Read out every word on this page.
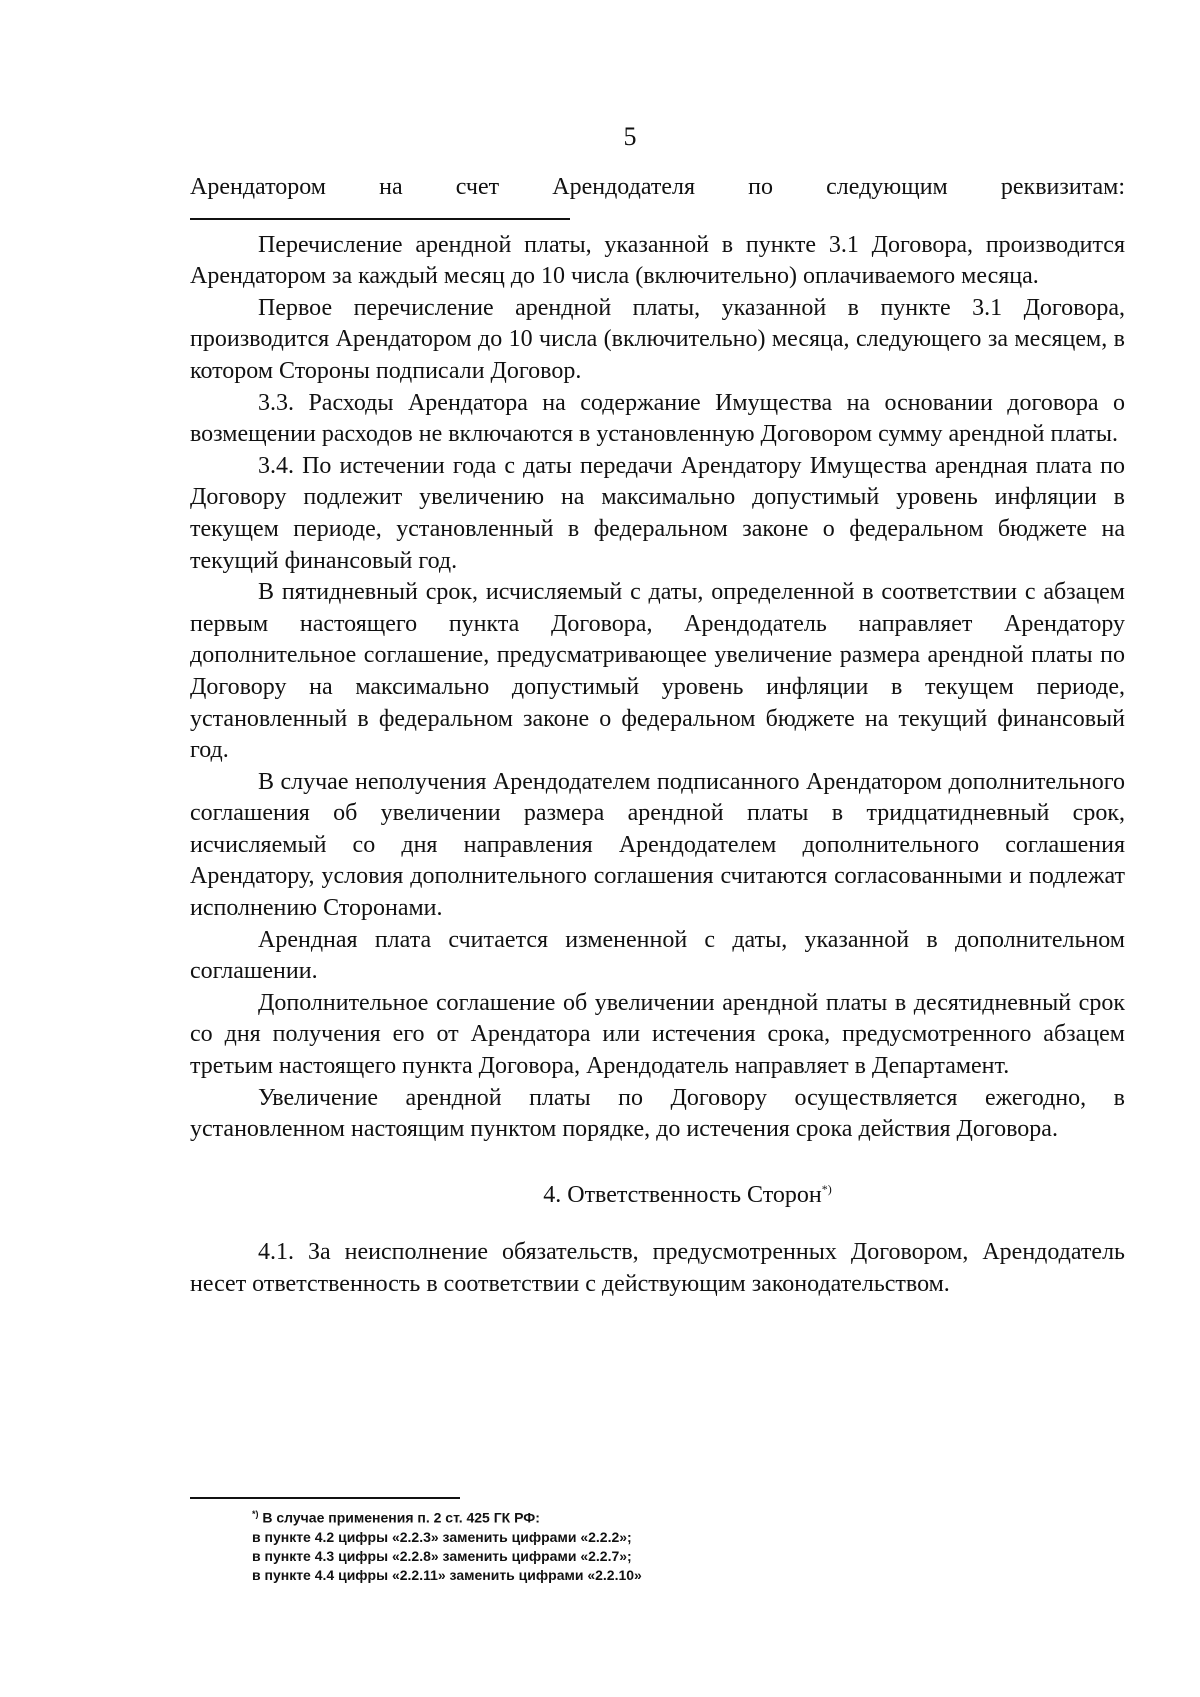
5

Арендатором на счет Арендодателя по следующим реквизитам:

Перечисление арендной платы, указанной в пункте 3.1 Договора, производится Арендатором за каждый месяц до 10 числа (включительно) оплачиваемого месяца.

Первое перечисление арендной платы, указанной в пункте 3.1 Договора, производится Арендатором до 10 числа (включительно) месяца, следующего за месяцем, в котором Стороны подписали Договор.

3.3. Расходы Арендатора на содержание Имущества на основании договора о возмещении расходов не включаются в установленную Договором сумму арендной платы.

3.4. По истечении года с даты передачи Арендатору Имущества арендная плата по Договору подлежит увеличению на максимально допустимый уровень инфляции в текущем периоде, установленный в федеральном законе о федеральном бюджете на текущий финансовый год.

В пятидневный срок, исчисляемый с даты, определенной в соответствии с абзацем первым настоящего пункта Договора, Арендодатель направляет Арендатору дополнительное соглашение, предусматривающее увеличение размера арендной платы по Договору на максимально допустимый уровень инфляции в текущем периоде, установленный в федеральном законе о федеральном бюджете на текущий финансовый год.

В случае неполучения Арендодателем подписанного Арендатором дополнительного соглашения об увеличении размера арендной платы в тридцатидневный срок, исчисляемый со дня направления Арендодателем дополнительного соглашения Арендатору, условия дополнительного соглашения считаются согласованными и подлежат исполнению Сторонами.

Арендная плата считается измененной с даты, указанной в дополнительном соглашении.

Дополнительное соглашение об увеличении арендной платы в десятидневный срок со дня получения его от Арендатора или истечения срока, предусмотренного абзацем третьим настоящего пункта Договора, Арендодатель направляет в Департамент.

Увеличение арендной платы по Договору осуществляется ежегодно, в установленном настоящим пунктом порядке, до истечения срока действия Договора.

4. Ответственность Сторон*)

4.1. За неисполнение обязательств, предусмотренных Договором, Арендодатель несет ответственность в соответствии с действующим законодательством.

*) В случае применения п. 2 ст. 425 ГК РФ:
в пункте 4.2 цифры «2.2.3» заменить цифрами «2.2.2»;
в пункте 4.3 цифры «2.2.8» заменить цифрами «2.2.7»;
в пункте 4.4 цифры «2.2.11» заменить цифрами «2.2.10»
